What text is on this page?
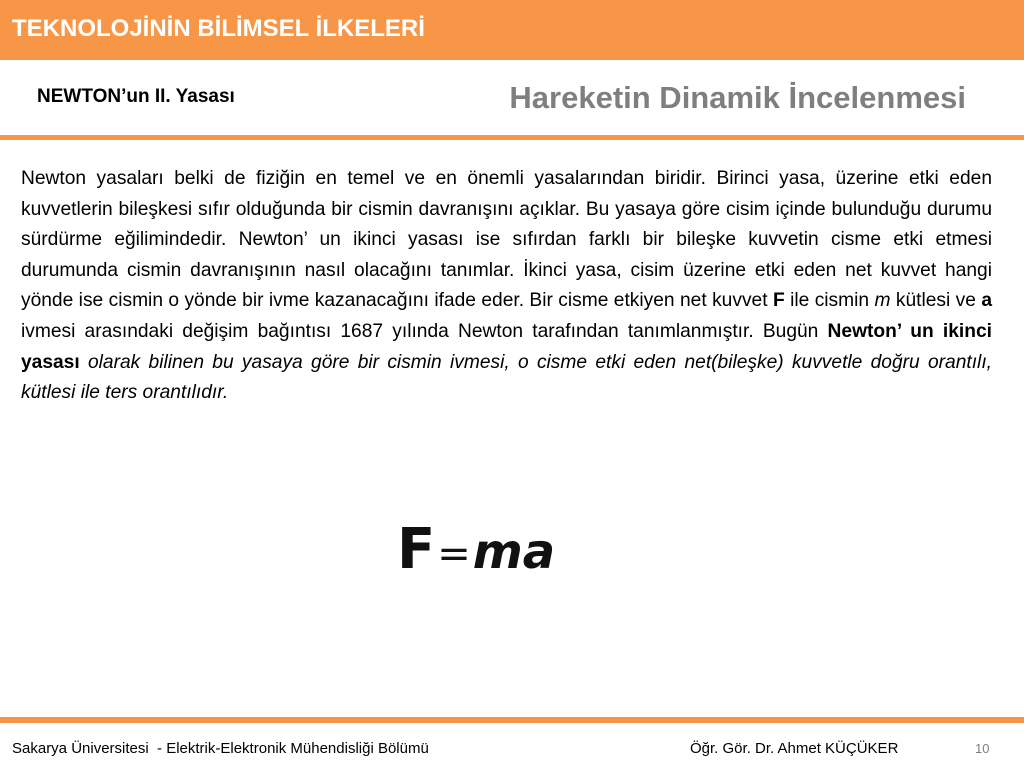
TEKNOLOJİNİN BİLİMSEL İLKELERİ
NEWTON’un II. Yasası	Hareketin Dinamik İncelenmesi
Newton yasaları belki de fiziğin en temel ve en önemli yasalarından biridir. Birinci yasa, üzerine etki eden kuvvetlerin bileşkesi sıfır olduğunda bir cismin davranışını açıklar. Bu yasaya göre cisim içinde bulunduğu durumu sürdürme eğilimindedir. Newton’ un ikinci yasası ise sıfırdan farklı bir bileşke kuvvetin cisme etki etmesi durumunda cismin davranışının nasıl olacağını tanımlar. İkinci yasa, cisim üzerine etki eden net kuvvet hangi yönde ise cismin o yönde bir ivme kazanacağını ifade eder. Bir cisme etkiyen net kuvvet F ile cismin m kütlesi ve a ivmesi arasındaki değişim bağıntısı 1687 yılında Newton tarafından tanımlanmıştır. Bugün Newton’ un ikinci yasası olarak bilinen bu yasaya göre bir cismin ivmesi, o cisme etki eden net(bileşke) kuvvetle doğru orantılı, kütlesi ile ters orantılıdır.
F = ma
Sakarya Üniversitesi  - Elektrik-Elektronik Mühendisliği Bölümü	Öğr. Gör. Dr. Ahmet KÜÇÜKER	10
